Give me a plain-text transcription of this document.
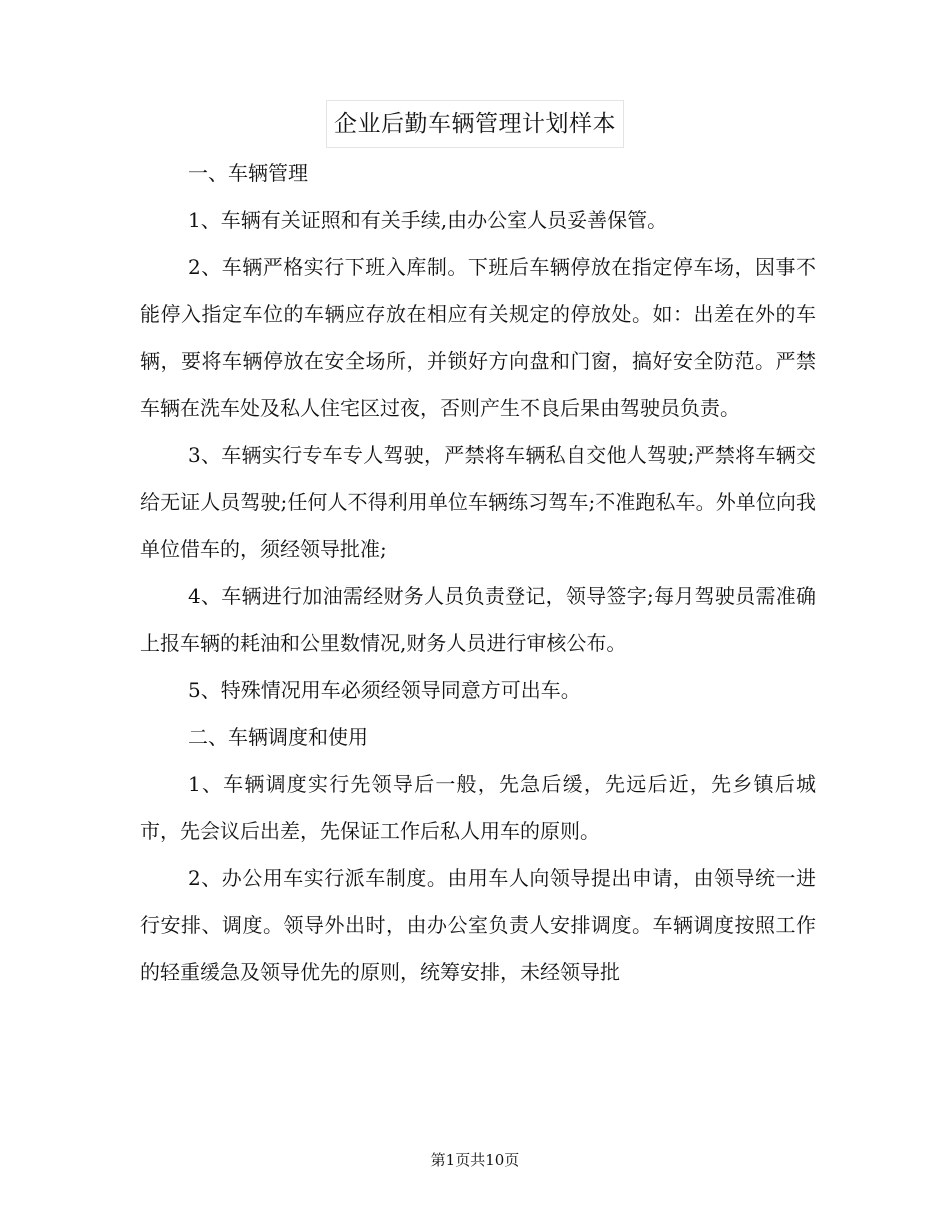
企业后勤车辆管理计划样本

一、车辆管理

1、车辆有关证照和有关手续,由办公室人员妥善保管。

2、车辆严格实行下班入库制。下班后车辆停放在指定停车场，因事不能停入指定车位的车辆应存放在相应有关规定的停放处。如：出差在外的车辆，要将车辆停放在安全场所，并锁好方向盘和门窗，搞好安全防范。严禁车辆在洗车处及私人住宅区过夜，否则产生不良后果由驾驶员负责。

3、车辆实行专车专人驾驶，严禁将车辆私自交他人驾驶;严禁将车辆交给无证人员驾驶;任何人不得利用单位车辆练习驾车;不准跑私车。外单位向我单位借车的，须经领导批准;

4、车辆进行加油需经财务人员负责登记，领导签字;每月驾驶员需准确上报车辆的耗油和公里数情况,财务人员进行审核公布。

5、特殊情况用车必须经领导同意方可出车。

二、车辆调度和使用

1、车辆调度实行先领导后一般，先急后缓，先远后近，先乡镇后城市，先会议后出差，先保证工作后私人用车的原则。

2、办公用车实行派车制度。由用车人向领导提出申请，由领导统一进行安排、调度。领导外出时，由办公室负责人安排调度。车辆调度按照工作的轻重缓急及领导优先的原则，统筹安排，未经领导批

第1页共10页
